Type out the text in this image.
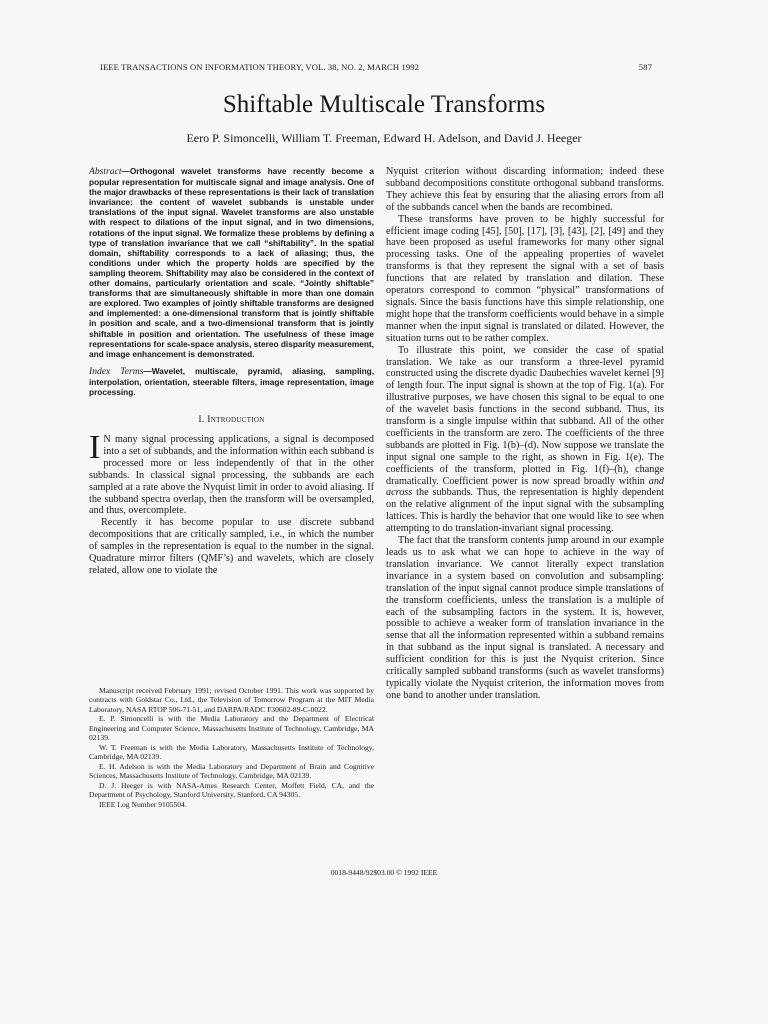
IEEE TRANSACTIONS ON INFORMATION THEORY, VOL. 38, NO. 2, MARCH 1992	587
Shiftable Multiscale Transforms
Eero P. Simoncelli, William T. Freeman, Edward H. Adelson, and David J. Heeger

Abstract—Orthogonal wavelet transforms have recently become a popular representation for multiscale signal and image analysis. One of the major drawbacks of these representations is their lack of translation invariance: the content of wavelet subbands is unstable under translations of the input signal. Wavelet transforms are also unstable with respect to dilations of the input signal, and in two dimensions, rotations of the input signal. We formalize these problems by defining a type of translation invariance that we call “shiftability”. In the spatial domain, shiftability corresponds to a lack of aliasing; thus, the conditions under which the property holds are specified by the sampling theorem. Shiftability may also be considered in the context of other domains, particularly orientation and scale. “Jointly shiftable” transforms that are simultaneously shiftable in more than one domain are explored. Two examples of jointly shiftable transforms are designed and implemented: a one-dimensional transform that is jointly shiftable in position and scale, and a two-dimensional transform that is jointly shiftable in position and orientation. The usefulness of these image representations for scale-space analysis, stereo disparity measurement, and image enhancement is demonstrated.

Index Terms—Wavelet, multiscale, pyramid, aliasing, sampling, interpolation, orientation, steerable filters, image representation, image processing.

I. Introduction

I N many signal processing applications, a signal is decomposed into a set of subbands, and the information within each subband is processed more or less independently of that in the other subbands. In classical signal processing, the subbands are each sampled at a rate above the Nyquist limit in order to avoid aliasing. If the subband spectra overlap, then the transform will be oversampled, and thus, overcomplete.

Recently it has become popular to use discrete subband decompositions that are critically sampled, i.e., in which the number of samples in the representation is equal to the number in the signal. Quadrature mirror filters (QMF’s) and wavelets, which are closely related, allow one to violate the

Manuscript received February 1991; revised October 1991. This work was supported by contracts with Goldstar Co., Ltd., the Television of Tomorrow Program at the MIT Media Laboratory, NASA RTOP 506-71-51, and DARPA/RADC F30602-89-C-0022.

E. P. Simoncelli is with the Media Laboratory and the Department of Electrical Engineering and Computer Science, Massachusetts Institute of Technology, Cambridge, MA 02139.

W. T. Freeman is with the Media Laboratory, Massachusetts Institute of Technology, Cambridge, MA 02139.

E. H. Adelson is with the Media Laboratory and Department of Brain and Cognitive Sciences, Massachusetts Institute of Technology, Cambridge, MA 02139.

D. J. Heeger is with NASA-Ames Research Center, Moffett Field, CA, and the Department of Psychology, Stanford University, Stanford, CA 94305.

IEEE Log Number 9105504.

Nyquist criterion without discarding information; indeed these subband decompositions constitute orthogonal subband transforms. They achieve this feat by ensuring that the aliasing errors from all of the subbands cancel when the bands are recombined.

These transforms have proven to be highly successful for efficient image coding [45], [50], [17], [3], [43], [2], [49] and they have been proposed as useful frameworks for many other signal processing tasks. One of the appealing properties of wavelet transforms is that they represent the signal with a set of basis functions that are related by translation and dilation. These operators correspond to common “physical” transformations of signals. Since the basis functions have this simple relationship, one might hope that the transform coefficients would behave in a simple manner when the input signal is translated or dilated. However, the situation turns out to be rather complex.

To illustrate this point, we consider the case of spatial translation. We take as our transform a three-level pyramid constructed using the discrete dyadic Daubechies wavelet kernel [9] of length four. The input signal is shown at the top of Fig. 1(a). For illustrative purposes, we have chosen this signal to be equal to one of the wavelet basis functions in the second subband. Thus, its transform is a single impulse within that subband. All of the other coefficients in the transform are zero. The coefficients of the three subbands are plotted in Fig. 1(b)–(d). Now suppose we translate the input signal one sample to the right, as shown in Fig. 1(e). The coefficients of the transform, plotted in Fig. 1(f)–(h), change dramatically. Coefficient power is now spread broadly within and across the subbands. Thus, the representation is highly dependent on the relative alignment of the input signal with the subsampling lattices. This is hardly the behavior that one would like to see when attempting to do translation-invariant signal processing.

The fact that the transform contents jump around in our example leads us to ask what we can hope to achieve in the way of translation invariance. We cannot literally expect translation invariance in a system based on convolution and subsampling: translation of the input signal cannot produce simple translations of the transform coefficients, unless the translation is a multiple of each of the subsampling factors in the system. It is, however, possible to achieve a weaker form of translation invariance in the sense that all the information represented within a subband remains in that subband as the input signal is translated. A necessary and sufficient condition for this is just the Nyquist criterion. Since critically sampled subband transforms (such as wavelet transforms) typically violate the Nyquist criterion, the information moves from one band to another under translation.

0018-9448/92$03.00 © 1992 IEEE
